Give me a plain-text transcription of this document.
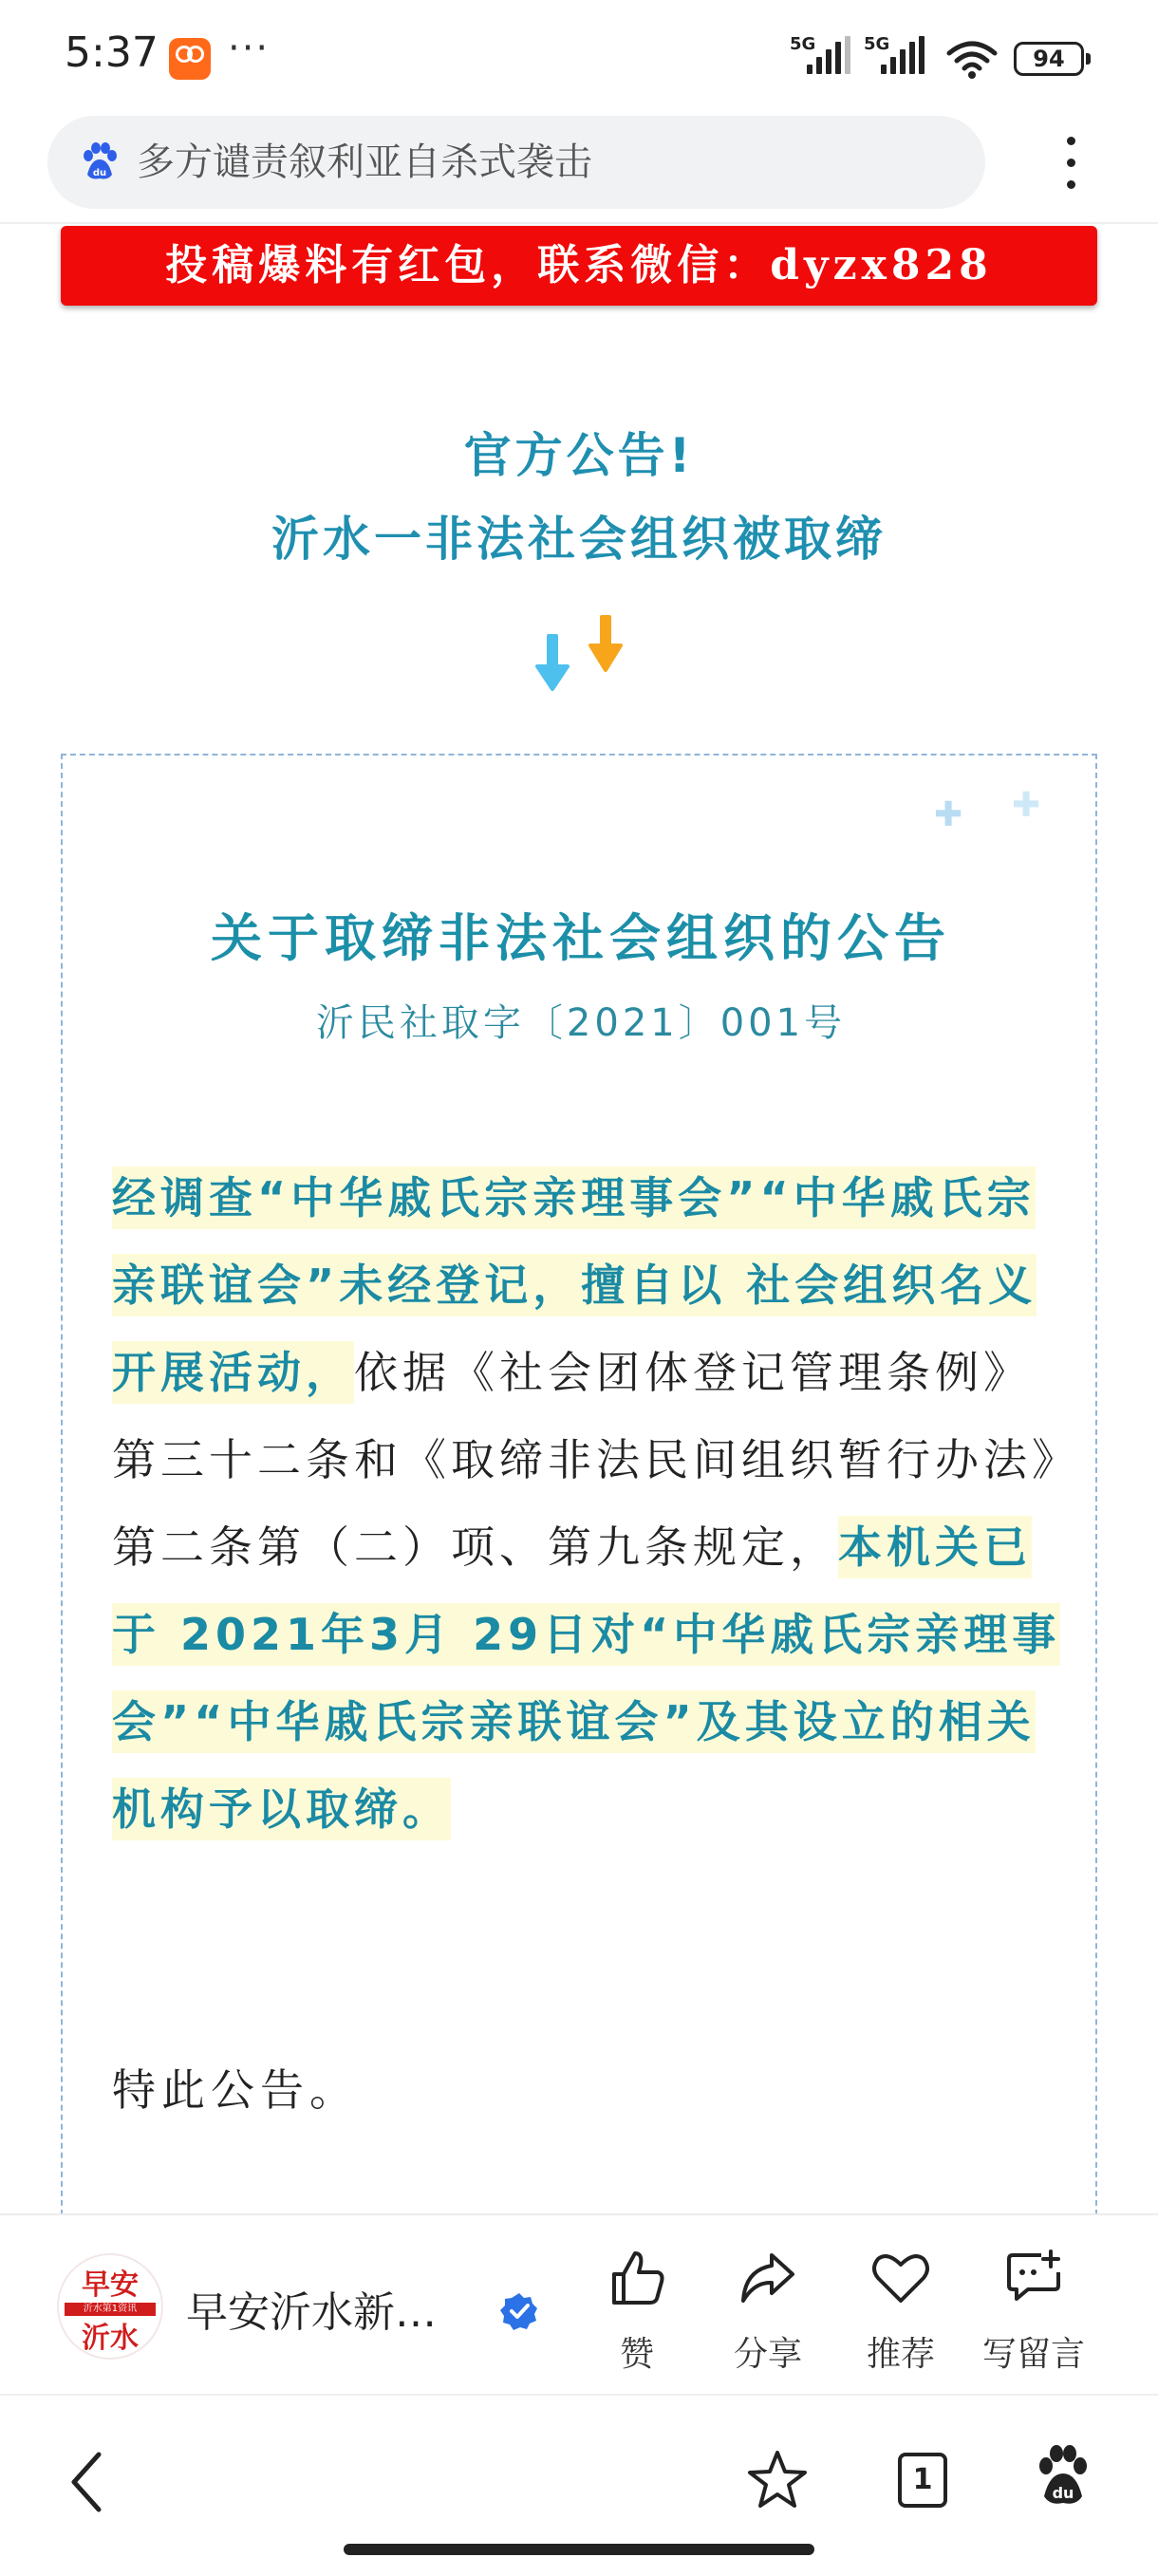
5:37 ···	5G	5G
94
du 多方谴责叙利亚自杀式袭击
投稿爆料有红包，联系微信：dyzx828
官方公告!
沂水一非法社会组织被取缔
✚ ✚
关于取缔非法社会组织的公告
沂民社取字〔2021〕001号
经调查“中华戚氏宗亲理事会”“中华戚氏宗亲联谊会”未经登记，擅自以 社会组织名义开展活动，依据《社会团体登记管理条例》第三十二条和《取缔非法民间组织暂行办法》第二条第（二）项、第九条规定，本机关已于 2021年3月 29日对“中华戚氏宗亲理事会”“中华戚氏宗亲联谊会”及其设立的相关机构予以取缔。
特此公告。
早安
沂水第1资讯
沂水
早安沂水新…
赞	分享	推荐	写留言
1	du
